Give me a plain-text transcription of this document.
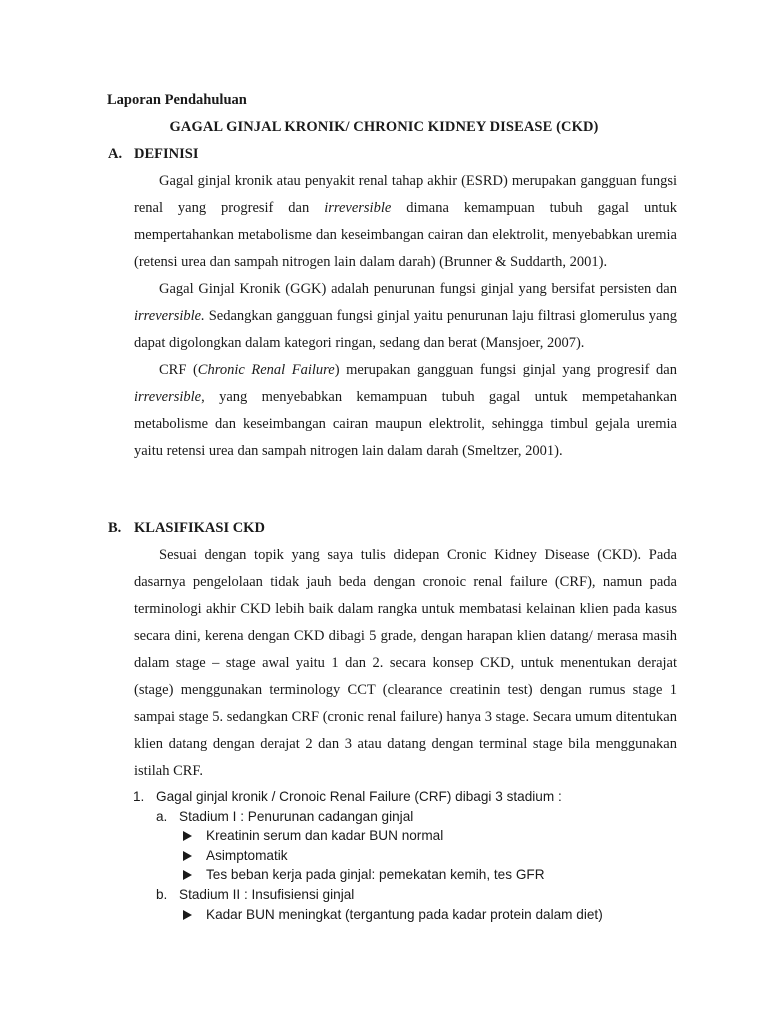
Laporan Pendahuluan
GAGAL GINJAL KRONIK/ CHRONIC KIDNEY DISEASE (CKD)
A. DEFINISI

Gagal ginjal kronik atau penyakit renal tahap akhir (ESRD) merupakan gangguan fungsi renal yang progresif dan irreversible dimana kemampuan tubuh gagal untuk mempertahankan metabolisme dan keseimbangan cairan dan elektrolit, menyebabkan uremia (retensi urea dan sampah nitrogen lain dalam darah) (Brunner & Suddarth, 2001).

Gagal Ginjal Kronik (GGK) adalah penurunan fungsi ginjal yang bersifat persisten dan irreversible. Sedangkan gangguan fungsi ginjal yaitu penurunan laju filtrasi glomerulus yang dapat digolongkan dalam kategori ringan, sedang dan berat (Mansjoer, 2007).

CRF (Chronic Renal Failure) merupakan gangguan fungsi ginjal yang progresif dan irreversible, yang menyebabkan kemampuan tubuh gagal untuk mempetahankan metabolisme dan keseimbangan cairan maupun elektrolit, sehingga timbul gejala uremia yaitu retensi urea dan sampah nitrogen lain dalam darah (Smeltzer, 2001).

B. KLASIFIKASI CKD

Sesuai dengan topik yang saya tulis didepan Cronic Kidney Disease (CKD). Pada dasarnya pengelolaan tidak jauh beda dengan cronoic renal failure (CRF), namun pada terminologi akhir CKD lebih baik dalam rangka untuk membatasi kelainan klien pada kasus secara dini, kerena dengan CKD dibagi 5 grade, dengan harapan klien datang/ merasa masih dalam stage – stage awal yaitu 1 dan 2. secara konsep CKD, untuk menentukan derajat (stage) menggunakan terminology CCT (clearance creatinin test) dengan rumus stage 1 sampai stage 5. sedangkan CRF (cronic renal failure) hanya 3 stage. Secara umum ditentukan klien datang dengan derajat 2 dan 3 atau datang dengan terminal stage bila menggunakan istilah CRF.

1. Gagal ginjal kronik / Cronoic Renal Failure (CRF) dibagi 3 stadium :
a. Stadium I : Penurunan cadangan ginjal
Kreatinin serum dan kadar BUN normal
Asimptomatik
Tes beban kerja pada ginjal: pemekatan kemih, tes GFR
b. Stadium II : Insufisiensi ginjal
Kadar BUN meningkat (tergantung pada kadar protein dalam diet)
